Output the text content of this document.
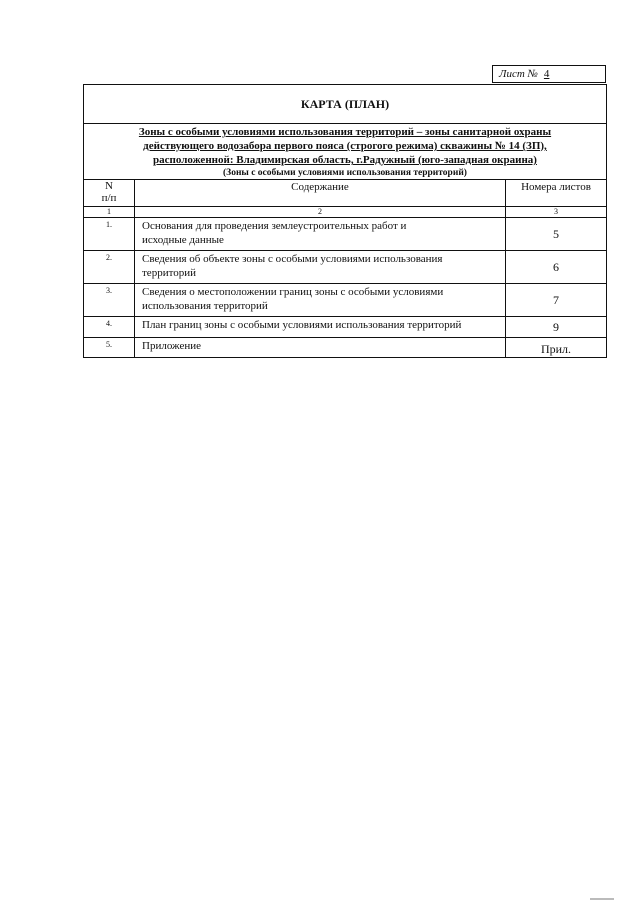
Лист № 4
КАРТА (ПЛАН)
Зоны с особыми условиями использования территорий – зоны санитарной охраны
действующего водозабора первого пояса (строгого режима) скважины № 14 (ЗП),
расположенной: Владимирская область, г.Радужный (юго-западная окраина)
(Зоны с особыми условиями использования территорий)
N
п/п	Содержание	Номера листов
1	2	3
1.	Основания для проведения землеустроительных работ и
исходные данные	5
2.	Сведения об объекте зоны с особыми условиями использования
территорий	6
3.	Сведения о местоположении границ зоны с особыми условиями
использования территорий	7
4.	План границ зоны с особыми условиями использования территорий	9
5.	Приложение	Прил.
